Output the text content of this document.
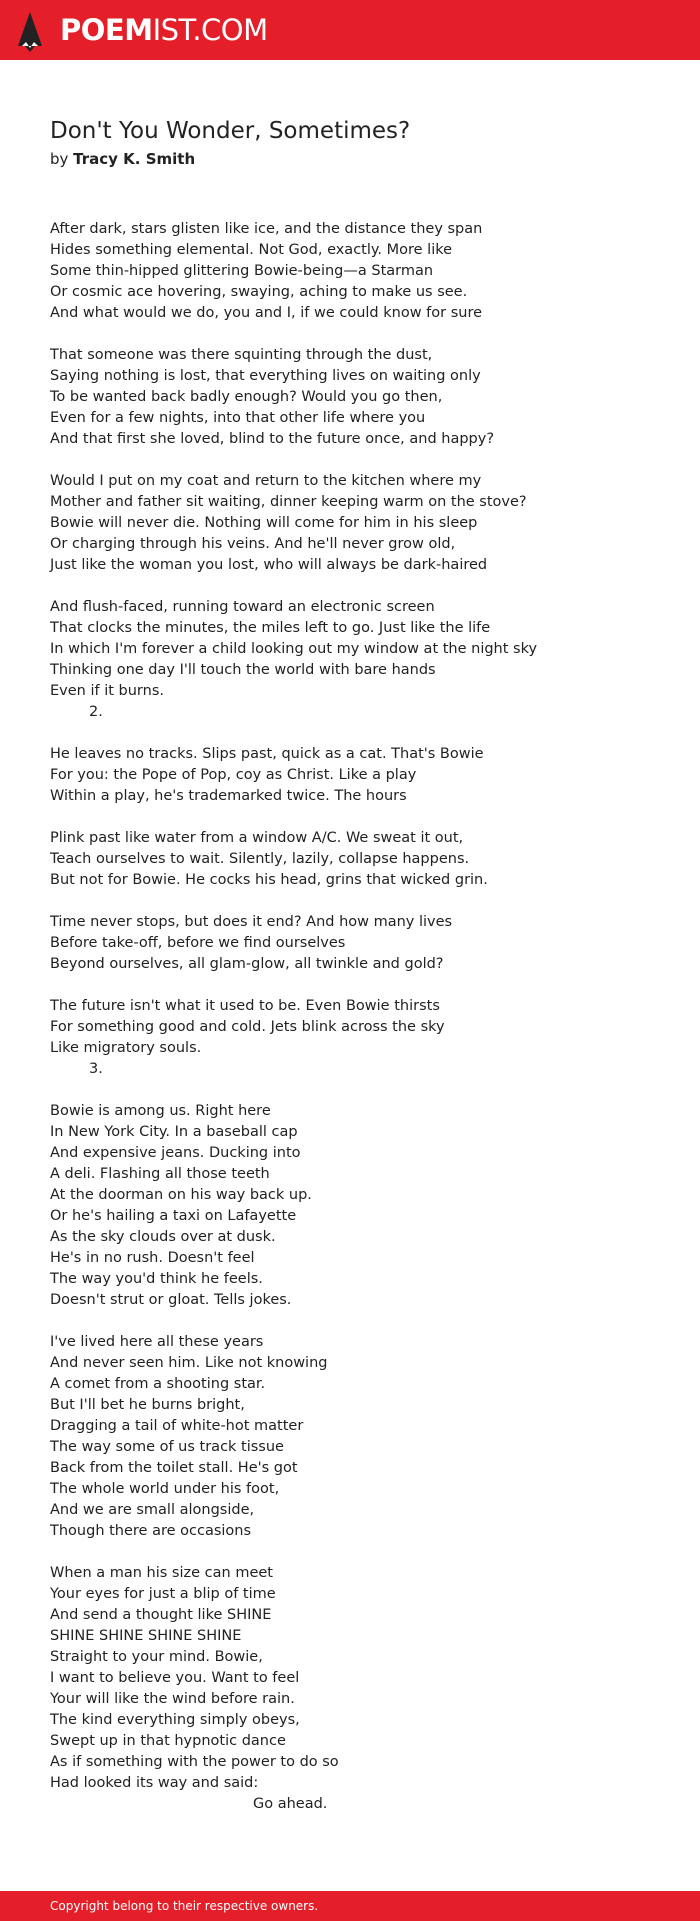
POEMIST.COM
Don't You Wonder, Sometimes?
by Tracy K. Smith
After dark, stars glisten like ice, and the distance they span
Hides something elemental. Not God, exactly. More like
Some thin-hipped glittering Bowie-being—a Starman
Or cosmic ace hovering, swaying, aching to make us see.
And what would we do, you and I, if we could know for sure
That someone was there squinting through the dust,
Saying nothing is lost, that everything lives on waiting only
To be wanted back badly enough? Would you go then,
Even for a few nights, into that other life where you
And that first she loved, blind to the future once, and happy?
Would I put on my coat and return to the kitchen where my
Mother and father sit waiting, dinner keeping warm on the stove?
Bowie will never die. Nothing will come for him in his sleep
Or charging through his veins. And he'll never grow old,
Just like the woman you lost, who will always be dark-haired
And flush-faced, running toward an electronic screen
That clocks the minutes, the miles left to go. Just like the life
In which I'm forever a child looking out my window at the night sky
Thinking one day I'll touch the world with bare hands
Even if it burns.
2.
He leaves no tracks. Slips past, quick as a cat. That's Bowie
For you: the Pope of Pop, coy as Christ. Like a play
Within a play, he's trademarked twice. The hours
Plink past like water from a window A/C. We sweat it out,
Teach ourselves to wait. Silently, lazily, collapse happens.
But not for Bowie. He cocks his head, grins that wicked grin.
Time never stops, but does it end? And how many lives
Before take-off, before we find ourselves
Beyond ourselves, all glam-glow, all twinkle and gold?
The future isn't what it used to be. Even Bowie thirsts
For something good and cold. Jets blink across the sky
Like migratory souls.
3.
Bowie is among us. Right here
In New York City. In a baseball cap
And expensive jeans. Ducking into
A deli. Flashing all those teeth
At the doorman on his way back up.
Or he's hailing a taxi on Lafayette
As the sky clouds over at dusk.
He's in no rush. Doesn't feel
The way you'd think he feels.
Doesn't strut or gloat. Tells jokes.
I've lived here all these years
And never seen him. Like not knowing
A comet from a shooting star.
But I'll bet he burns bright,
Dragging a tail of white-hot matter
The way some of us track tissue
Back from the toilet stall. He's got
The whole world under his foot,
And we are small alongside,
Though there are occasions
When a man his size can meet
Your eyes for just a blip of time
And send a thought like SHINE
SHINE SHINE SHINE SHINE
Straight to your mind. Bowie,
I want to believe you. Want to feel
Your will like the wind before rain.
The kind everything simply obeys,
Swept up in that hypnotic dance
As if something with the power to do so
Had looked its way and said:
Go ahead.
Copyright belong to their respective owners.
